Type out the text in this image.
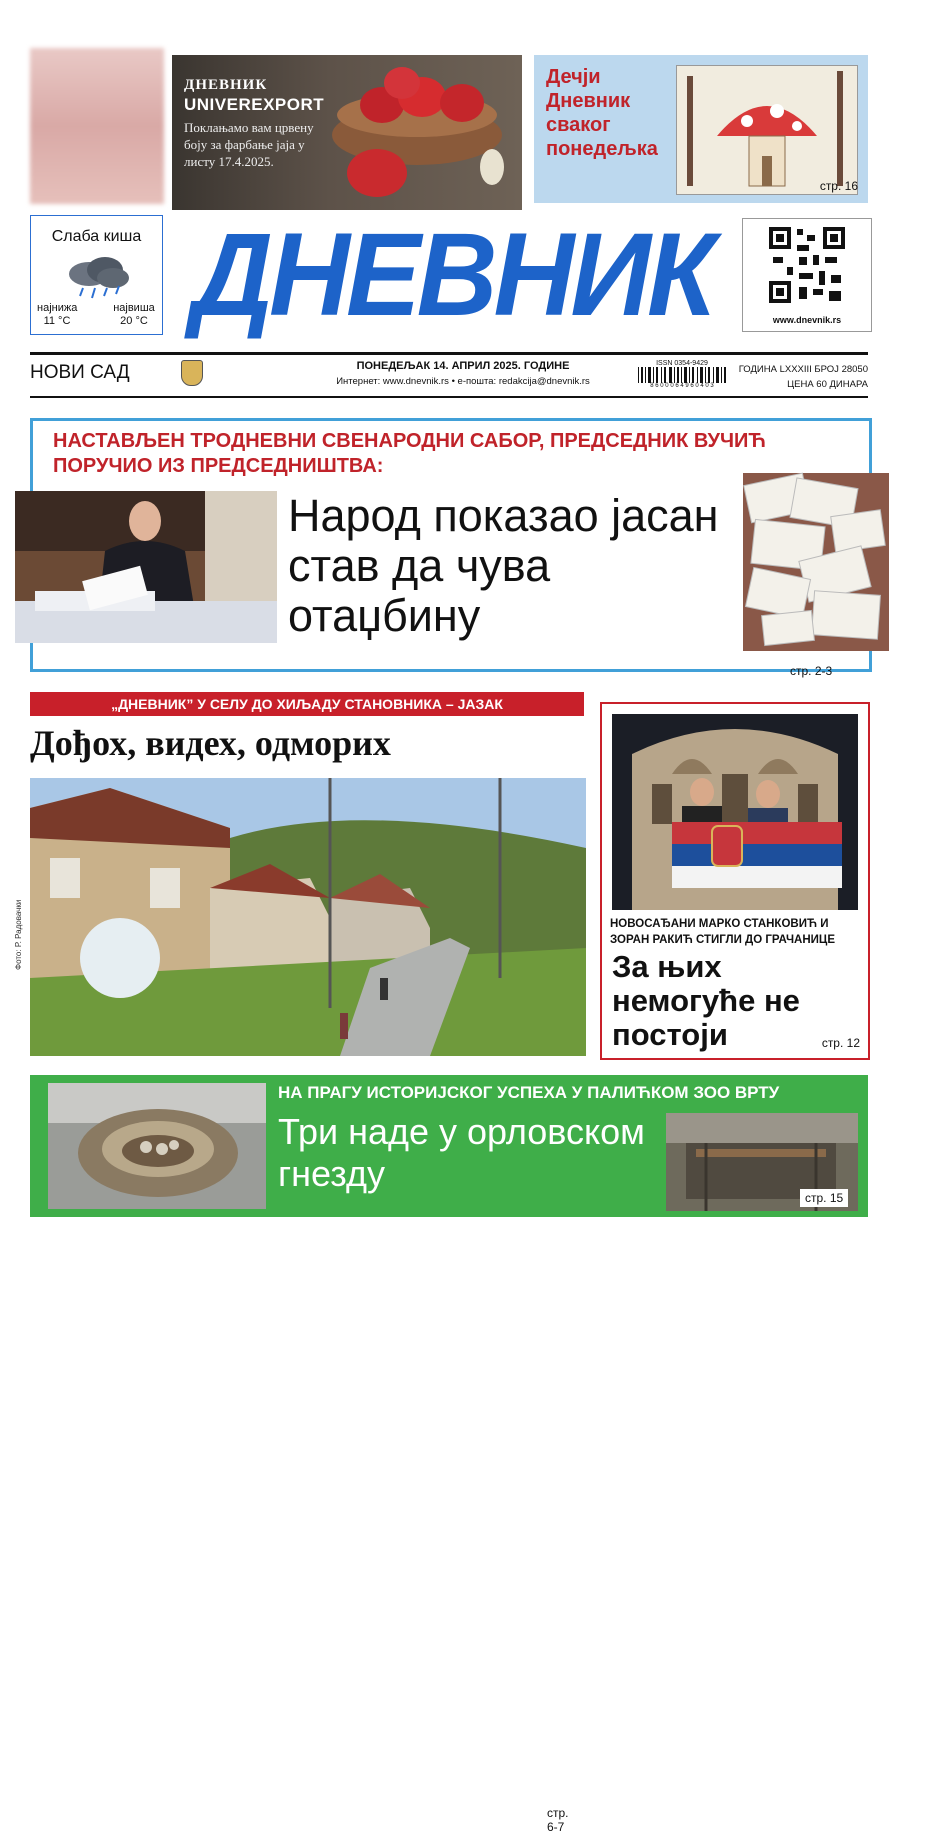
ДНЕВНИК
UNIVEREXPORT
Поклањамо вам црвену боју за фарбање јаја у листу 17.4.2025.
Дечји Дневник сваког понедељка
стр. 16
Слаба киша
најнижа
11 °C
највиша
20 °C ДНЕВНИК	www.dnevnik.rs
НОВИ САД	ПОНЕДЕЉАК 14. АПРИЛ 2025. ГОДИНЕ
Интернет: www.dnevnik.rs • е-пошта: redakcija@dnevnik.rs
ISSN 0354-9429
8 6 0 0 0 6 4 9 6 0 4 0 3
ГОДИНА LXXXIII БРОЈ 28050
ЦЕНА 60 ДИНАРА
НАСТАВЉЕН ТРОДНЕВНИ СВЕНАРОДНИ САБОР, ПРЕДСЕДНИК ВУЧИЋ ПОРУЧИО ИЗ ПРЕДСЕДНИШТВА:
Народ показао јасан став да чува отаџбину
стр. 2-3
„ДНЕВНИК” У СЕЛУ ДО ХИЉАДУ СТАНОВНИКА – ЈАЗАК
Дођох, видех, одморих
стр. 6-7
Фото: Р. Радовачки	НОВОСАЂАНИ МАРКО СТАНКОВИЋ И ЗОРАН РАКИЋ СТИГЛИ ДО ГРАЧАНИЦЕ
За њих немогуће не постоји	стр. 12
НА ПРАГУ ИСТОРИЈСКОГ УСПЕХА У ПАЛИЋКОМ ЗОО ВРТУ
Три наде у орловском гнезду
стр. 15
